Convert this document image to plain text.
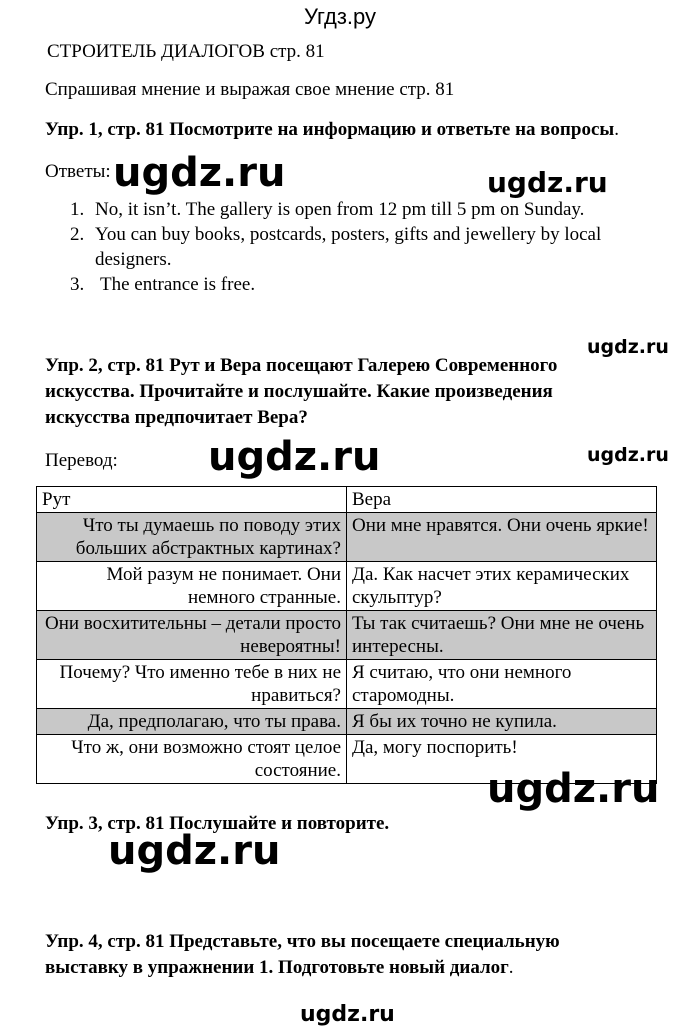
Угдз.ру
СТРОИТЕЛЬ ДИАЛОГОВ стр. 81
Спрашивая мнение и выражая свое мнение стр. 81
Упр. 1, стр. 81 Посмотрите на информацию и ответьте на вопросы.
Ответы: ugdz.ru	ugdz.ru
1. No, it isn’t. The gallery is open from 12 pm till 5 pm on Sunday.
2. You can buy books, postcards, posters, gifts and jewellery by local designers.
3. The entrance is free.
ugdz.ru
Упр. 2, стр. 81 Рут и Вера посещают Галерею Современного
искусства. Прочитайте и послушайте. Какие произведения
искусства предпочитает Вера?
Перевод: ugdz.ru	ugdz.ru
Рут	Вера
Что ты думаешь по поводу этих больших абстрактных картинах?	Они мне нравятся. Они очень яркие!
Мой разум не понимает. Они немного странные.	Да. Как насчет этих керамических скульптур?
Они восхитительны – детали просто невероятны!	Ты так считаешь? Они мне не очень интересны.
Почему? Что именно тебе в них не нравиться?	Я считаю, что они немного старомодны.
Да, предполагаю, что ты права.	Я бы их точно не купила.
Что ж, они возможно стоят целое состояние.	Да, могу поспорить!
ugdz.ru
Упр. 3, стр. 81 Послушайте и повторите.
ugdz.ru
Упр. 4, стр. 81 Представьте, что вы посещаете специальную
выставку в упражнении 1. Подготовьте новый диалог.
ugdz.ru
